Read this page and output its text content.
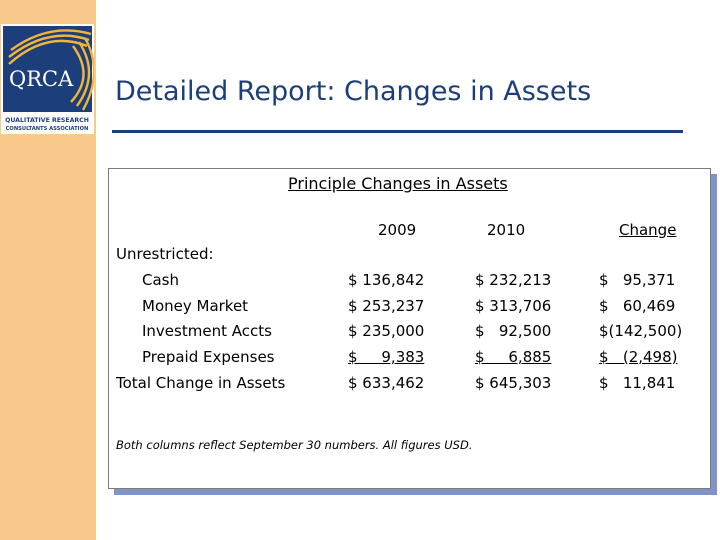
QRCA
QUALITATIVE RESEARCH
CONSULTANTS ASSOCIATION
Detailed Report: Changes in Assets
Principle Changes in Assets
2009	2010	Change
Unrestricted:
Cash
Money Market
Investment Accts
Prepaid Expenses
Total Change in Assets
$ 136,842
$ 253,237
$ 235,000
$     9,383
$ 633,462
$ 232,213
$ 313,706
$   92,500
$     6,885
$ 645,303
$   95,371
$   60,469
$(142,500)
$   (2,498)
$   11,841
Both columns reflect September 30 numbers. All figures USD.
